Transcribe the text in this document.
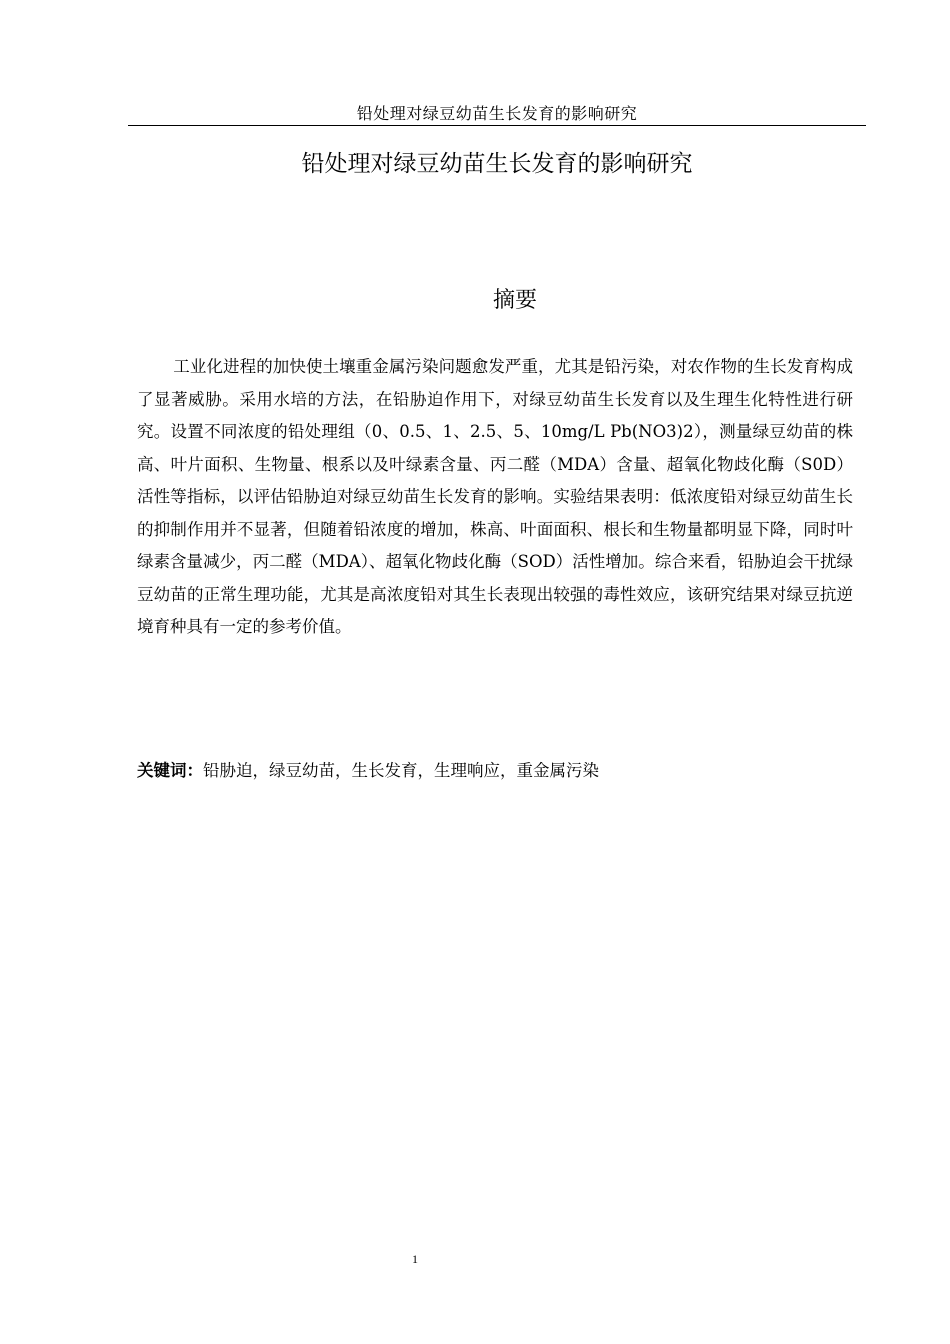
铅处理对绿豆幼苗生长发育的影响研究
铅处理对绿豆幼苗生长发育的影响研究
摘要

工业化进程的加快使土壤重金属污染问题愈发严重，尤其是铅污染，对农作物的生长发育构成了显著威胁。采用水培的方法，在铅胁迫作用下，对绿豆幼苗生长发育以及生理生化特性进行研究。设置不同浓度的铅处理组（0、0.5、1、2.5、5、10mg/L Pb(NO3)2），测量绿豆幼苗的株高、叶片面积、生物量、根系以及叶绿素含量、丙二醛（MDA）含量、超氧化物歧化酶（S0D）活性等指标，以评估铅胁迫对绿豆幼苗生长发育的影响。实验结果表明：低浓度铅对绿豆幼苗生长的抑制作用并不显著，但随着铅浓度的增加，株高、叶面面积、根长和生物量都明显下降，同时叶绿素含量减少，丙二醛（MDA）、超氧化物歧化酶（SOD）活性增加。综合来看，铅胁迫会干扰绿豆幼苗的正常生理功能，尤其是高浓度铅对其生长表现出较强的毒性效应，该研究结果对绿豆抗逆境育种具有一定的参考价值。

关键词：铅胁迫，绿豆幼苗，生长发育，生理响应，重金属污染

1
